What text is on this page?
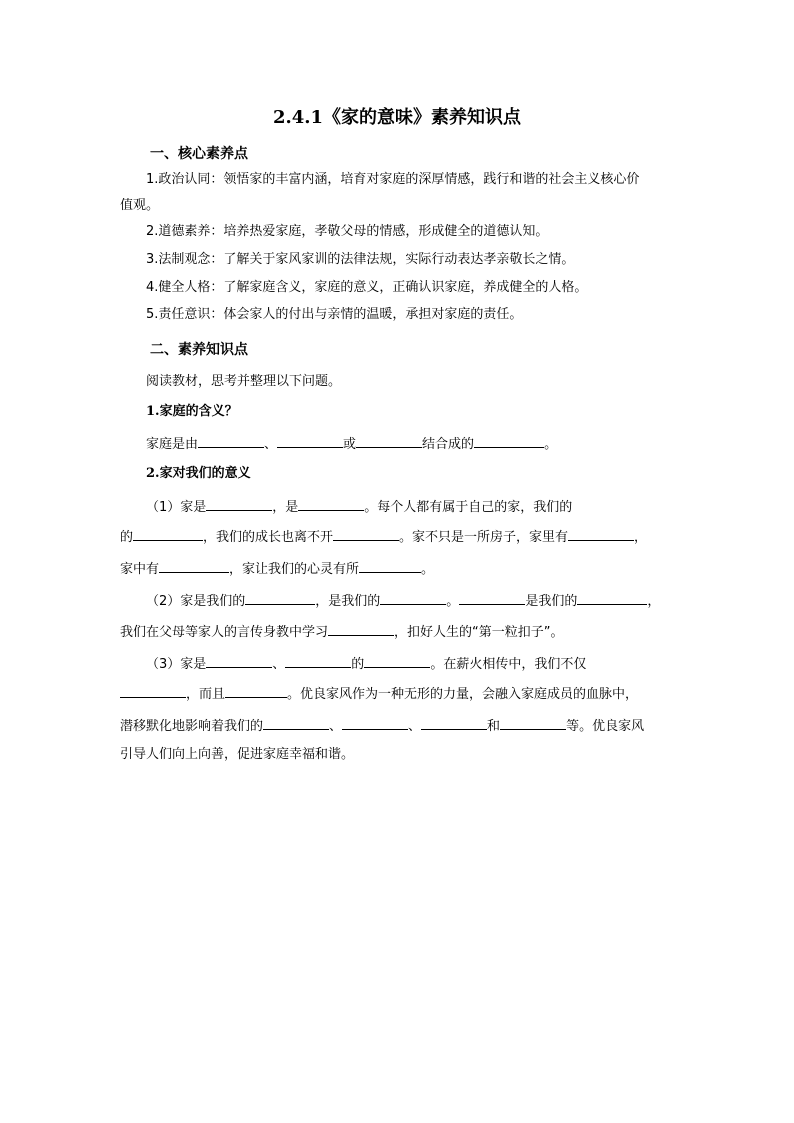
2.4.1《家的意味》素养知识点
一、核心素养点
1.政治认同：领悟家的丰富内涵，培育对家庭的深厚情感，践行和谐的社会主义核心价
值观。
2.道德素养：培养热爱家庭，孝敬父母的情感，形成健全的道德认知。
3.法制观念：了解关于家风家训的法律法规，实际行动表达孝亲敬长之情。
4.健全人格：了解家庭含义，家庭的意义，正确认识家庭，养成健全的人格。
5.责任意识：体会家人的付出与亲情的温暖，承担对家庭的责任。
二、素养知识点
阅读教材，思考并整理以下问题。
1.家庭的含义？
家庭是由	、	或	结合成的	。
2.家对我们的意义
（1）家是	，是	。每个人都有属于自己的家，我们的
的	，我们的成长也离不开	。家不只是一所房子，家里有	，
家中有	，家让我们的心灵有所	。
（2）家是我们的	，是我们的	。	是我们的	，
我们在父母等家人的言传身教中学习	，扣好人生的“第一粒扣子”。
（3）家是	、	的	。在薪火相传中，我们不仅
，而且	。优良家风作为一种无形的力量，会融入家庭成员的血脉中，
潜移默化地影响着我们的	、	、	和	等。优良家风
引导人们向上向善，促进家庭幸福和谐。
